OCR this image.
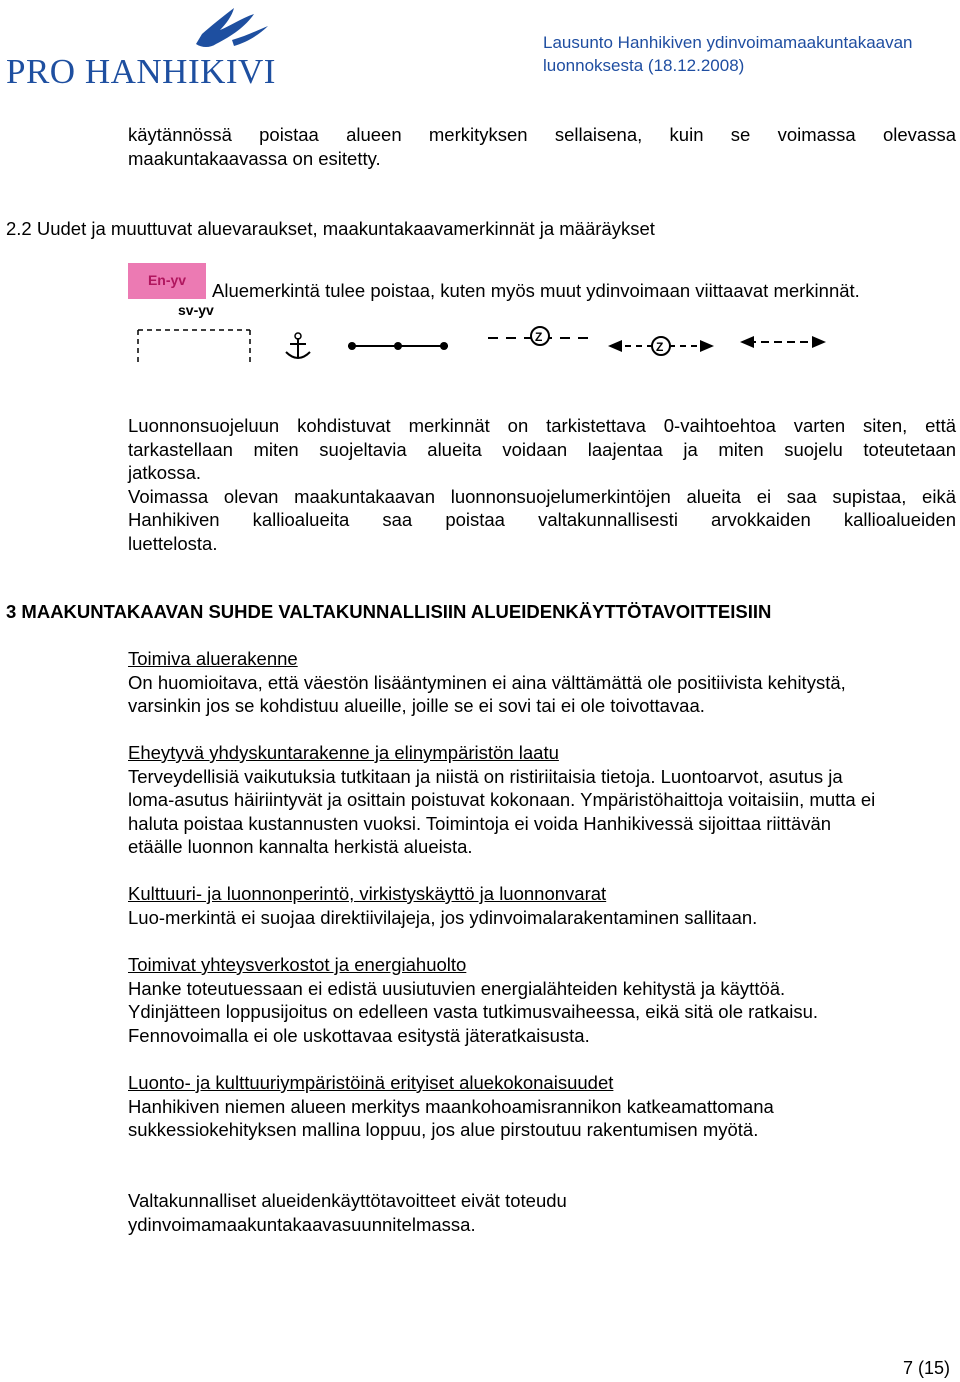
PRO HANHIKIVI
Lausunto Hanhikiven ydinvoimamaakuntakaavan
luonnoksesta (18.12.2008)
käytännössä poistaa alueen merkityksen sellaisena, kuin se voimassa olevassa
maakuntakaavassa on esitetty.
2.2 Uudet ja muuttuvat aluevaraukset, maakuntakaavamerkinnät ja määräykset
En-yv	Aluemerkintä tulee poistaa, kuten myös muut ydinvoimaan viittaavat merkinnät.
sv-yv
Z
Z
Luonnonsuojeluun kohdistuvat merkinnät on tarkistettava 0-vaihtoehtoa varten siten, että
tarkastellaan miten suojeltavia alueita voidaan laajentaa ja miten suojelu toteutetaan
jatkossa.
Voimassa olevan maakuntakaavan luonnonsuojelumerkintöjen alueita ei saa supistaa, eikä
Hanhikiven kallioalueita saa poistaa valtakunnallisesti arvokkaiden kallioalueiden
luettelosta.
3 MAAKUNTAKAAVAN SUHDE VALTAKUNNALLISIIN ALUEIDENKÄYTTÖTAVOITTEISIIN
Toimiva aluerakenne
On huomioitava, että väestön lisääntyminen ei aina välttämättä ole positiivista kehitystä,
varsinkin jos se kohdistuu alueille, joille se ei sovi tai ei ole toivottavaa.
Eheytyvä yhdyskuntarakenne ja elinympäristön laatu
Terveydellisiä vaikutuksia tutkitaan ja niistä on ristiriitaisia tietoja. Luontoarvot, asutus ja
loma-asutus häiriintyvät ja osittain poistuvat kokonaan. Ympäristöhaittoja voitaisiin, mutta ei
haluta poistaa kustannusten vuoksi. Toimintoja ei voida Hanhikivessä sijoittaa riittävän
etäälle luonnon kannalta herkistä alueista.
Kulttuuri- ja luonnonperintö, virkistyskäyttö ja luonnonvarat
Luo-merkintä ei suojaa direktiivilajeja, jos ydinvoimalarakentaminen sallitaan.
Toimivat yhteysverkostot ja energiahuolto
Hanke toteutuessaan ei edistä uusiutuvien energialähteiden kehitystä ja käyttöä.
Ydinjätteen loppusijoitus on edelleen vasta tutkimusvaiheessa, eikä sitä ole ratkaisu.
Fennovoimalla ei ole uskottavaa esitystä jäteratkaisusta.
Luonto- ja kulttuuriympäristöinä erityiset aluekokonaisuudet
Hanhikiven niemen alueen merkitys maankohoamisrannikon katkeamattomana
sukkessiokehityksen mallina loppuu, jos alue pirstoutuu rakentumisen myötä.
Valtakunnalliset alueidenkäyttötavoitteet eivät toteudu
ydinvoimamaakuntakaavasuunnitelmassa.
7 (15)
